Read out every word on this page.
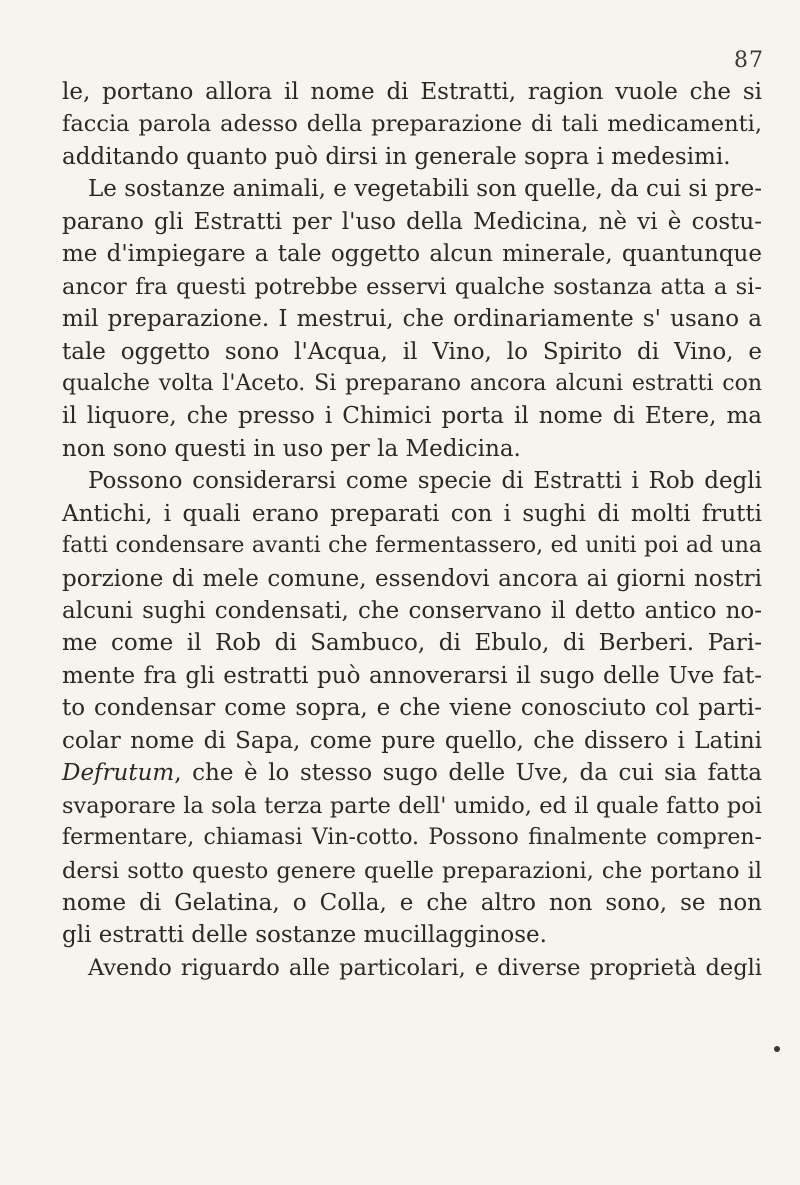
87
le, portano allora il nome di Estratti, ragion vuole che si
faccia parola adesso della preparazione di tali medicamenti,
additando quanto può dirsi in generale sopra i medesimi.
Le sostanze animali, e vegetabili son quelle, da cui si pre-
parano gli Estratti per l'uso della Medicina, nè vi è costu-
me d'impiegare a tale oggetto alcun minerale, quantunque
ancor fra questi potrebbe esservi qualche sostanza atta a si-
mil preparazione. I mestrui, che ordinariamente s' usano a
tale oggetto sono l'Acqua, il Vino, lo Spirito di Vino, e
qualche volta l'Aceto. Si preparano ancora alcuni estratti con
il liquore, che presso i Chimici porta il nome di Etere, ma
non sono questi in uso per la Medicina.
Possono considerarsi come specie di Estratti i Rob degli
Antichi, i quali erano preparati con i sughi di molti frutti
fatti condensare avanti che fermentassero, ed uniti poi ad una
porzione di mele comune, essendovi ancora ai giorni nostri
alcuni sughi condensati, che conservano il detto antico no-
me come il Rob di Sambuco, di Ebulo, di Berberi. Pari-
mente fra gli estratti può annoverarsi il sugo delle Uve fat-
to condensar come sopra, e che viene conosciuto col parti-
colar nome di Sapa, come pure quello, che dissero i Latini
Defrutum, che è lo stesso sugo delle Uve, da cui sia fatta
svaporare la sola terza parte dell' umido, ed il quale fatto poi
fermentare, chiamasi Vin-cotto. Possono finalmente compren-
dersi sotto questo genere quelle preparazioni, che portano il
nome di Gelatina, o Colla, e che altro non sono, se non
gli estratti delle sostanze mucillagginose.
Avendo riguardo alle particolari, e diverse proprietà degli
